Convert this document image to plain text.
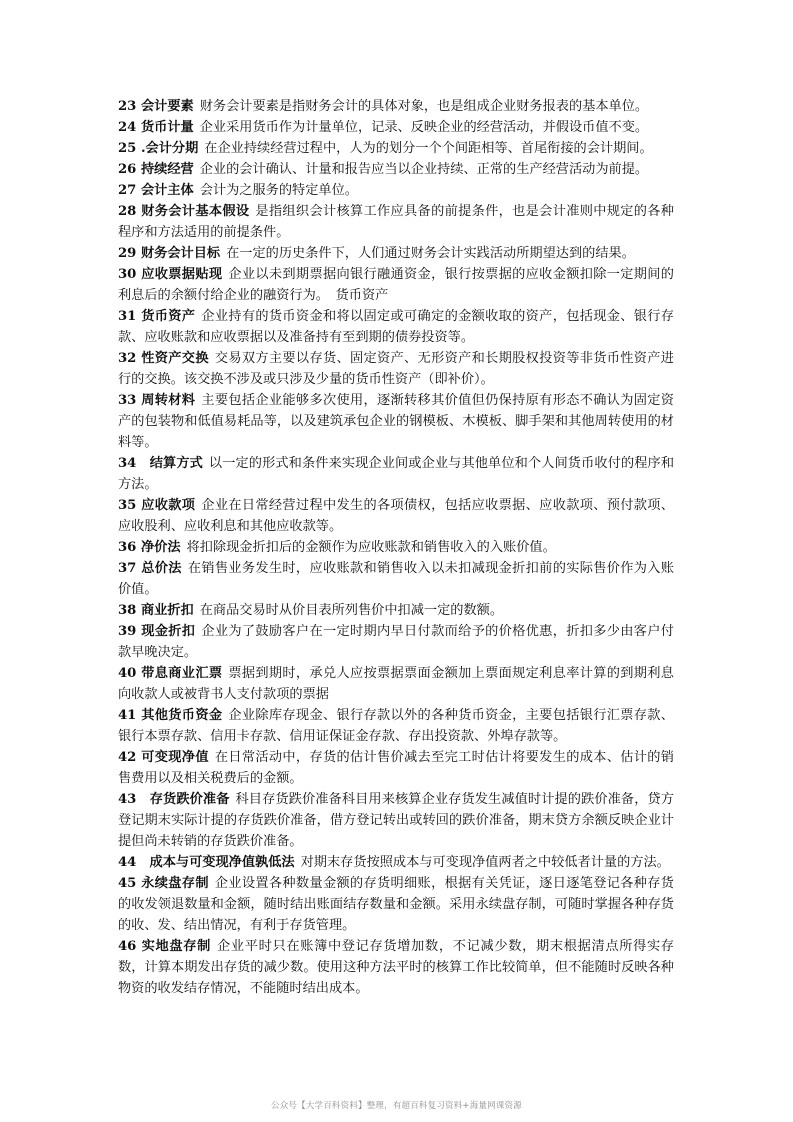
23 会计要素 财务会计要素是指财务会计的具体对象，也是组成企业财务报表的基本单位。

24 货币计量 企业采用货币作为计量单位，记录、反映企业的经营活动，并假设币值不变。

25 .会计分期 在企业持续经营过程中，人为的划分一个个间距相等、首尾衔接的会计期间。

26 持续经营 企业的会计确认、计量和报告应当以企业持续、正常的生产经营活动为前提。

27 会计主体 会计为之服务的特定单位。

28 财务会计基本假设 是指组织会计核算工作应具备的前提条件，也是会计准则中规定的各种程序和方法适用的前提条件。

29 财务会计目标 在一定的历史条件下，人们通过财务会计实践活动所期望达到的结果。

30 应收票据贴现 企业以未到期票据向银行融通资金，银行按票据的应收金额扣除一定期间的利息后的余额付给企业的融资行为。　货币资产

31 货币资产 企业持有的货币资金和将以固定或可确定的金额收取的资产，包括现金、银行存款、应收账款和应收票据以及准备持有至到期的债券投资等。

32 性资产交换 交易双方主要以存货、固定资产、无形资产和长期股权投资等非货币性资产进行的交换。该交换不涉及或只涉及少量的货币性资产（即补价）。

33 周转材料 主要包括企业能够多次使用，逐渐转移其价值但仍保持原有形态不确认为固定资产的包装物和低值易耗品等，以及建筑承包企业的钢模板、木模板、脚手架和其他周转使用的材料等。

34　结算方式 以一定的形式和条件来实现企业间或企业与其他单位和个人间货币收付的程序和方法。

35 应收款项 企业在日常经营过程中发生的各项债权，包括应收票据、应收款项、预付款项、应收股利、应收利息和其他应收款等。

36 净价法 将扣除现金折扣后的金额作为应收账款和销售收入的入账价值。

37 总价法 在销售业务发生时，应收账款和销售收入以未扣减现金折扣前的实际售价作为入账价值。

38 商业折扣 在商品交易时从价目表所列售价中扣减一定的数额。

39 现金折扣 企业为了鼓励客户在一定时期内早日付款而给予的价格优惠，折扣多少由客户付款早晚决定。

40 带息商业汇票 票据到期时，承兑人应按票据票面金额加上票面规定利息率计算的到期利息向收款人或被背书人支付款项的票据

41 其他货币资金 企业除库存现金、银行存款以外的各种货币资金，主要包括银行汇票存款、银行本票存款、信用卡存款、信用证保证金存款、存出投资款、外埠存款等。

42 可变现净值 在日常活动中，存货的估计售价减去至完工时估计将要发生的成本、估计的销售费用以及相关税费后的金额。

43　存货跌价准备 科目存货跌价准备科目用来核算企业存货发生减值时计提的跌价准备，贷方登记期末实际计提的存货跌价准备，借方登记转出或转回的跌价准备，期末贷方余额反映企业计提但尚未转销的存货跌价准备。

44　成本与可变现净值孰低法 对期末存货按照成本与可变现净值两者之中较低者计量的方法。

45 永续盘存制 企业设置各种数量金额的存货明细账，根据有关凭证，逐日逐笔登记各种存货的收发领退数量和金额，随时结出账面结存数量和金额。采用永续盘存制，可随时掌握各种存货的收、发、结出情况，有利于存货管理。

46 实地盘存制 企业平时只在账簿中登记存货增加数，不记减少数，期末根据清点所得实存数，计算本期发出存货的减少数。使用这种方法平时的核算工作比较简单，但不能随时反映各种物资的收发结存情况，不能随时结出成本。

公众号【大学百科资料】整理，有超百科复习资料+海量网课资源
